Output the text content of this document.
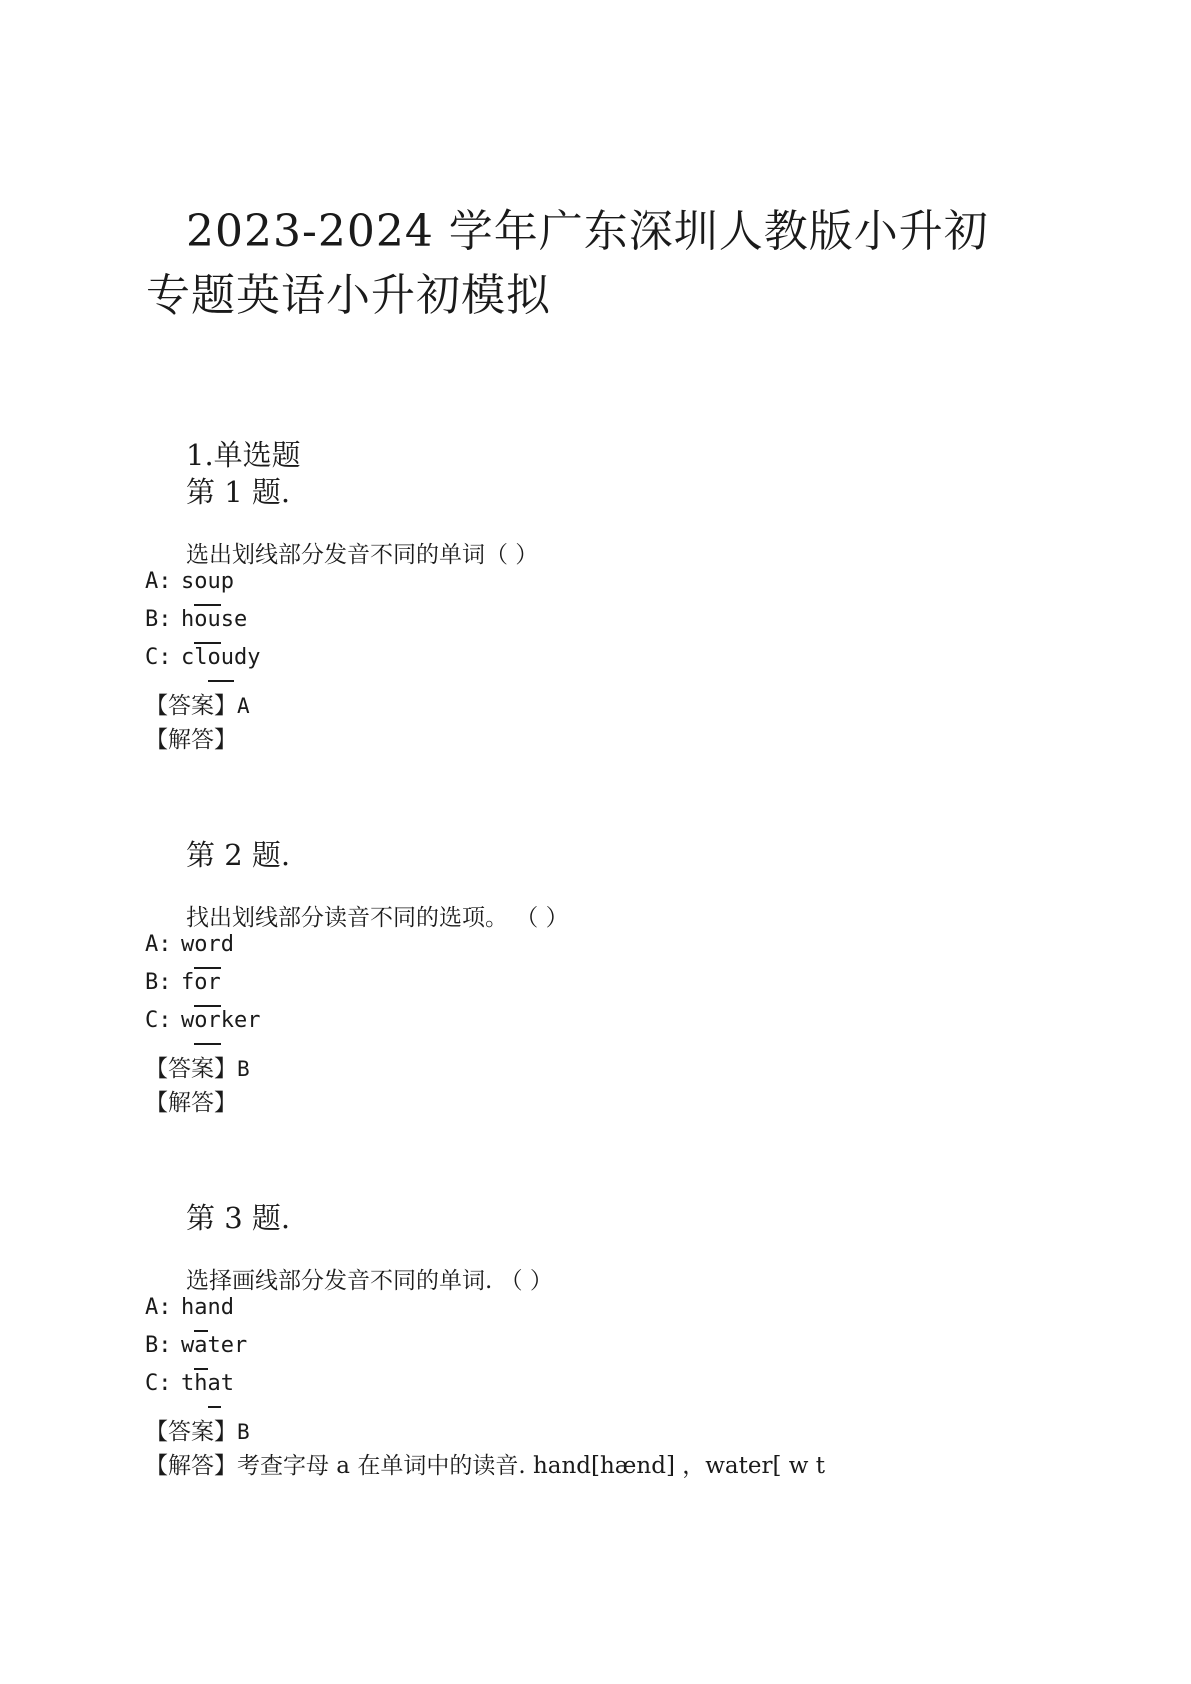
2023-2024 学年广东深圳人教版小升初
专题英语小升初模拟
1.单选题
第 1 题.
选出划线部分发音不同的单词（ ）
A: soup
B: house
C: cloudy
【答案】A
【解答】
第 2 题.
找出划线部分读音不同的选项。 （ ）
A: word
B: for
C: worker
【答案】B
【解答】
第 3 题.
选择画线部分发音不同的单词. （ ）
A: hand
B: water
C: that
【答案】B
【解答】考查字母 a 在单词中的读音. hand[hænd] ，water[ w t
